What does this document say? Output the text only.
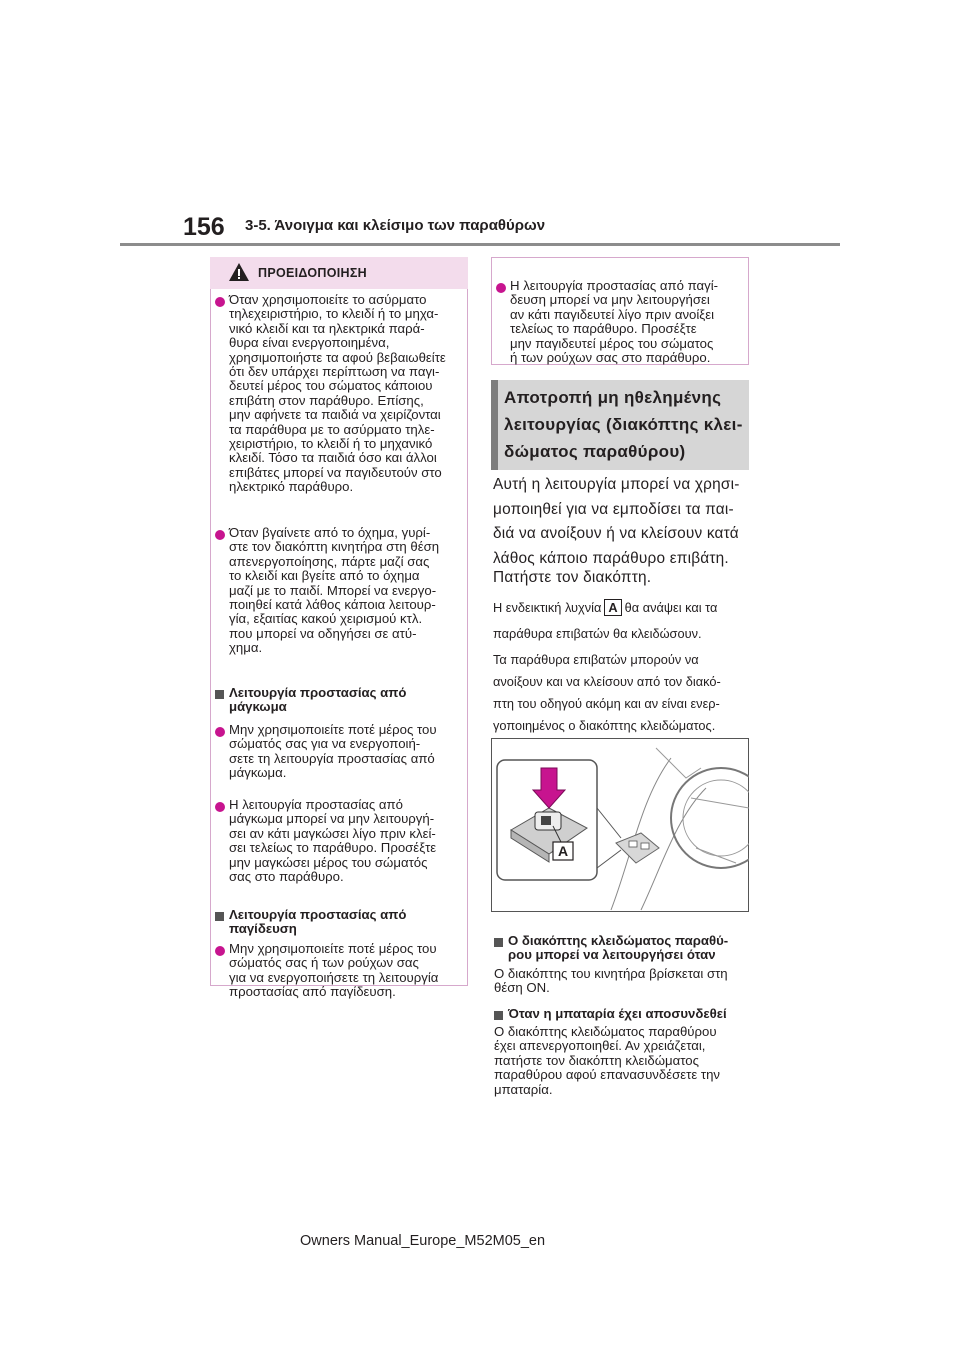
156 3-5. Άνοιγμα και κλείσιμο των παραθύρων
ΠΡΟΕΙΔΟΠΟΙΗΣΗ
Όταν χρησιμοποιείτε το ασύρματο
τηλεχειριστήριο, το κλειδί ή το μηχα-
νικό κλειδί και τα ηλεκτρικά παρά-
θυρα είναι ενεργοποιημένα,
χρησιμοποιήστε τα αφού βεβαιωθείτε
ότι δεν υπάρχει περίπτωση να παγι-
δευτεί μέρος του σώματος κάποιου
επιβάτη στον παράθυρο. Επίσης,
μην αφήνετε τα παιδιά να χειρίζονται
τα παράθυρα με το ασύρματο τηλε-
χειριστήριο, το κλειδί ή το μηχανικό
κλειδί. Τόσο τα παιδιά όσο και άλλοι
επιβάτες μπορεί να παγιδευτούν στο
ηλεκτρικό παράθυρο.
Όταν βγαίνετε από το όχημα, γυρί-
στε τον διακόπτη κινητήρα στη θέση
απενεργοποίησης, πάρτε μαζί σας
το κλειδί και βγείτε από το όχημα
μαζί με το παιδί. Μπορεί να ενεργο-
ποιηθεί κατά λάθος κάποια λειτουρ-
γία, εξαιτίας κακού χειρισμού κτλ.
που μπορεί να οδηγήσει σε ατύ-
χημα.
Λειτουργία προστασίας από
μάγκωμα
Μην χρησιμοποιείτε ποτέ μέρος του
σώματός σας για να ενεργοποιή-
σετε τη λειτουργία προστασίας από
μάγκωμα.
Η λειτουργία προστασίας από
μάγκωμα μπορεί να μην λειτουργή-
σει αν κάτι μαγκώσει λίγο πριν κλεί-
σει τελείως το παράθυρο. Προσέξτε
μην μαγκώσει μέρος του σώματός
σας στο παράθυρο.
Λειτουργία προστασίας από
παγίδευση
Μην χρησιμοποιείτε ποτέ μέρος του
σώματός σας ή των ρούχων σας
για να ενεργοποιήσετε τη λειτουργία
προστασίας από παγίδευση.
Η λειτουργία προστασίας από παγί-
δευση μπορεί να μην λειτουργήσει
αν κάτι παγιδευτεί λίγο πριν ανοίξει
τελείως το παράθυρο. Προσέξτε
μην παγιδευτεί μέρος του σώματος
ή των ρούχων σας στο παράθυρο.
Αποτροπή μη ηθελημένης
λειτουργίας (διακόπτης κλει-
δώματος παραθύρου)
Αυτή η λειτουργία μπορεί να χρησι-
μοποιηθεί για να εμποδίσει τα παι-
διά να ανοίξουν ή να κλείσουν κατά
λάθος κάποιο παράθυρο επιβάτη.
Πατήστε τον διακόπτη.
Η ενδεικτική λυχνία A θα ανάψει και τα
παράθυρα επιβατών θα κλειδώσουν.
Τα παράθυρα επιβατών μπορούν να
ανοίξουν και να κλείσουν από τον διακό-
πτη του οδηγού ακόμη και αν είναι ενερ-
γοποιημένος ο διακόπτης κλειδώματος.
A
Ο διακόπτης κλειδώματος παραθύ-
ρου μπορεί να λειτουργήσει όταν
Ο διακόπτης του κινητήρα βρίσκεται στη
θέση ON.
Όταν η μπαταρία έχει αποσυνδεθεί
Ο διακόπτης κλειδώματος παραθύρου
έχει απενεργοποιηθεί. Αν χρειάζεται,
πατήστε τον διακόπτη κλειδώματος
παραθύρου αφού επανασυνδέσετε την
μπαταρία.
Owners Manual_Europe_M52M05_en
